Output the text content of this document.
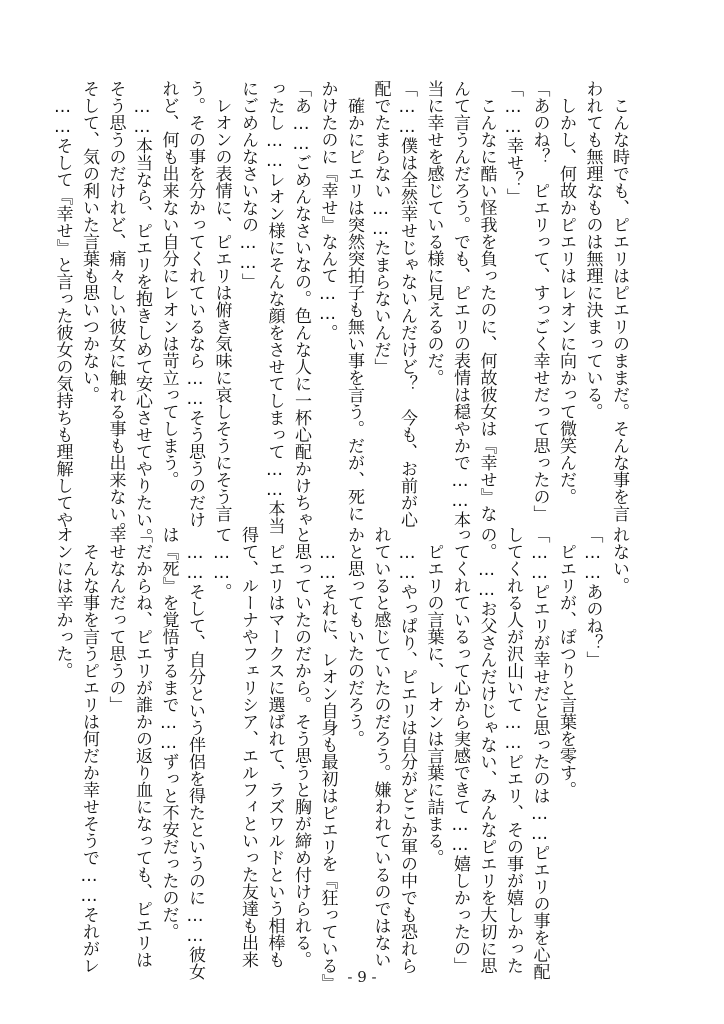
　こんな時でも、ピエリはピエリのままだ。そんな事を言
われても無理なものは無理に決まっている。
　しかし、何故かピエリはレオンに向かって微笑んだ。
「あのね？　ピエリって、すっごく幸せだって思ったの」
「……幸せ？」
　こんなに酷い怪我を負ったのに、何故彼女は『幸せ』な
んて言うんだろう。でも、ピエリの表情は穏やかで……本
当に幸せを感じている様に見えるのだ。
「……僕は全然幸せじゃないんだけど？　今も、お前が心
配でたまらない……たまらないんだ」
　確かにピエリは突然突拍子も無い事を言う。だが、死に
かけたのに『幸せ』なんて……。
「あ……ごめんなさいなの。色んな人に一杯心配かけちゃ
ったし……レオン様にそんな顔をさせてしまって……本当
にごめんなさいなの……」
　レオンの表情に、ピエリは俯き気味に哀しそうにそう言
う。その事を分かってくれているなら……そう思うのだけ
れど、何も出来ない自分にレオンは苛立ってしまう。
　……本当なら、ピエリを抱きしめて安心させてやりたい。
そう思うのだけれど、痛々しい彼女に触れる事も出来ない。
そして、気の利いた言葉も思いつかない。
　……そして『幸せ』と言った彼女の気持ちも理解してや
れない。
「……あのね？」
　ピエリが、ぽつりと言葉を零す。
「……ピエリが幸せだと思ったのは……ピエリの事を心配
してくれる人が沢山いて……ピエリ、その事が嬉しかった
の。……お父さんだけじゃない、みんなピエリを大切に思
ってくれているって心から実感できて……嬉しかったの」
　ピエリの言葉に、レオンは言葉に詰まる。
　……やっぱり、ピエリは自分がどこか軍の中でも恐れら
れていると感じていたのだろう。嫌われているのではない
かと思ってもいたのだろう。
　……それに、レオン自身も最初はピエリを『狂っている』
と思っていたのだから。そう思うと胸が締め付けられる。
　ピエリはマークスに選ばれて、ラズワルドという相棒も
得て、ルーナやフェリシア、エルフィといった友達も出来
て……。
　……そして、自分という伴侶を得たというのに……彼女
は『死』を覚悟するまで……ずっと不安だったのだ。
「だからね、ピエリが誰かの返り血になっても、ピエリは
幸せなんだって思うの」
　そんな事を言うピエリは何だか幸せそうで……それがレ
オンには辛かった。
- 9 -
